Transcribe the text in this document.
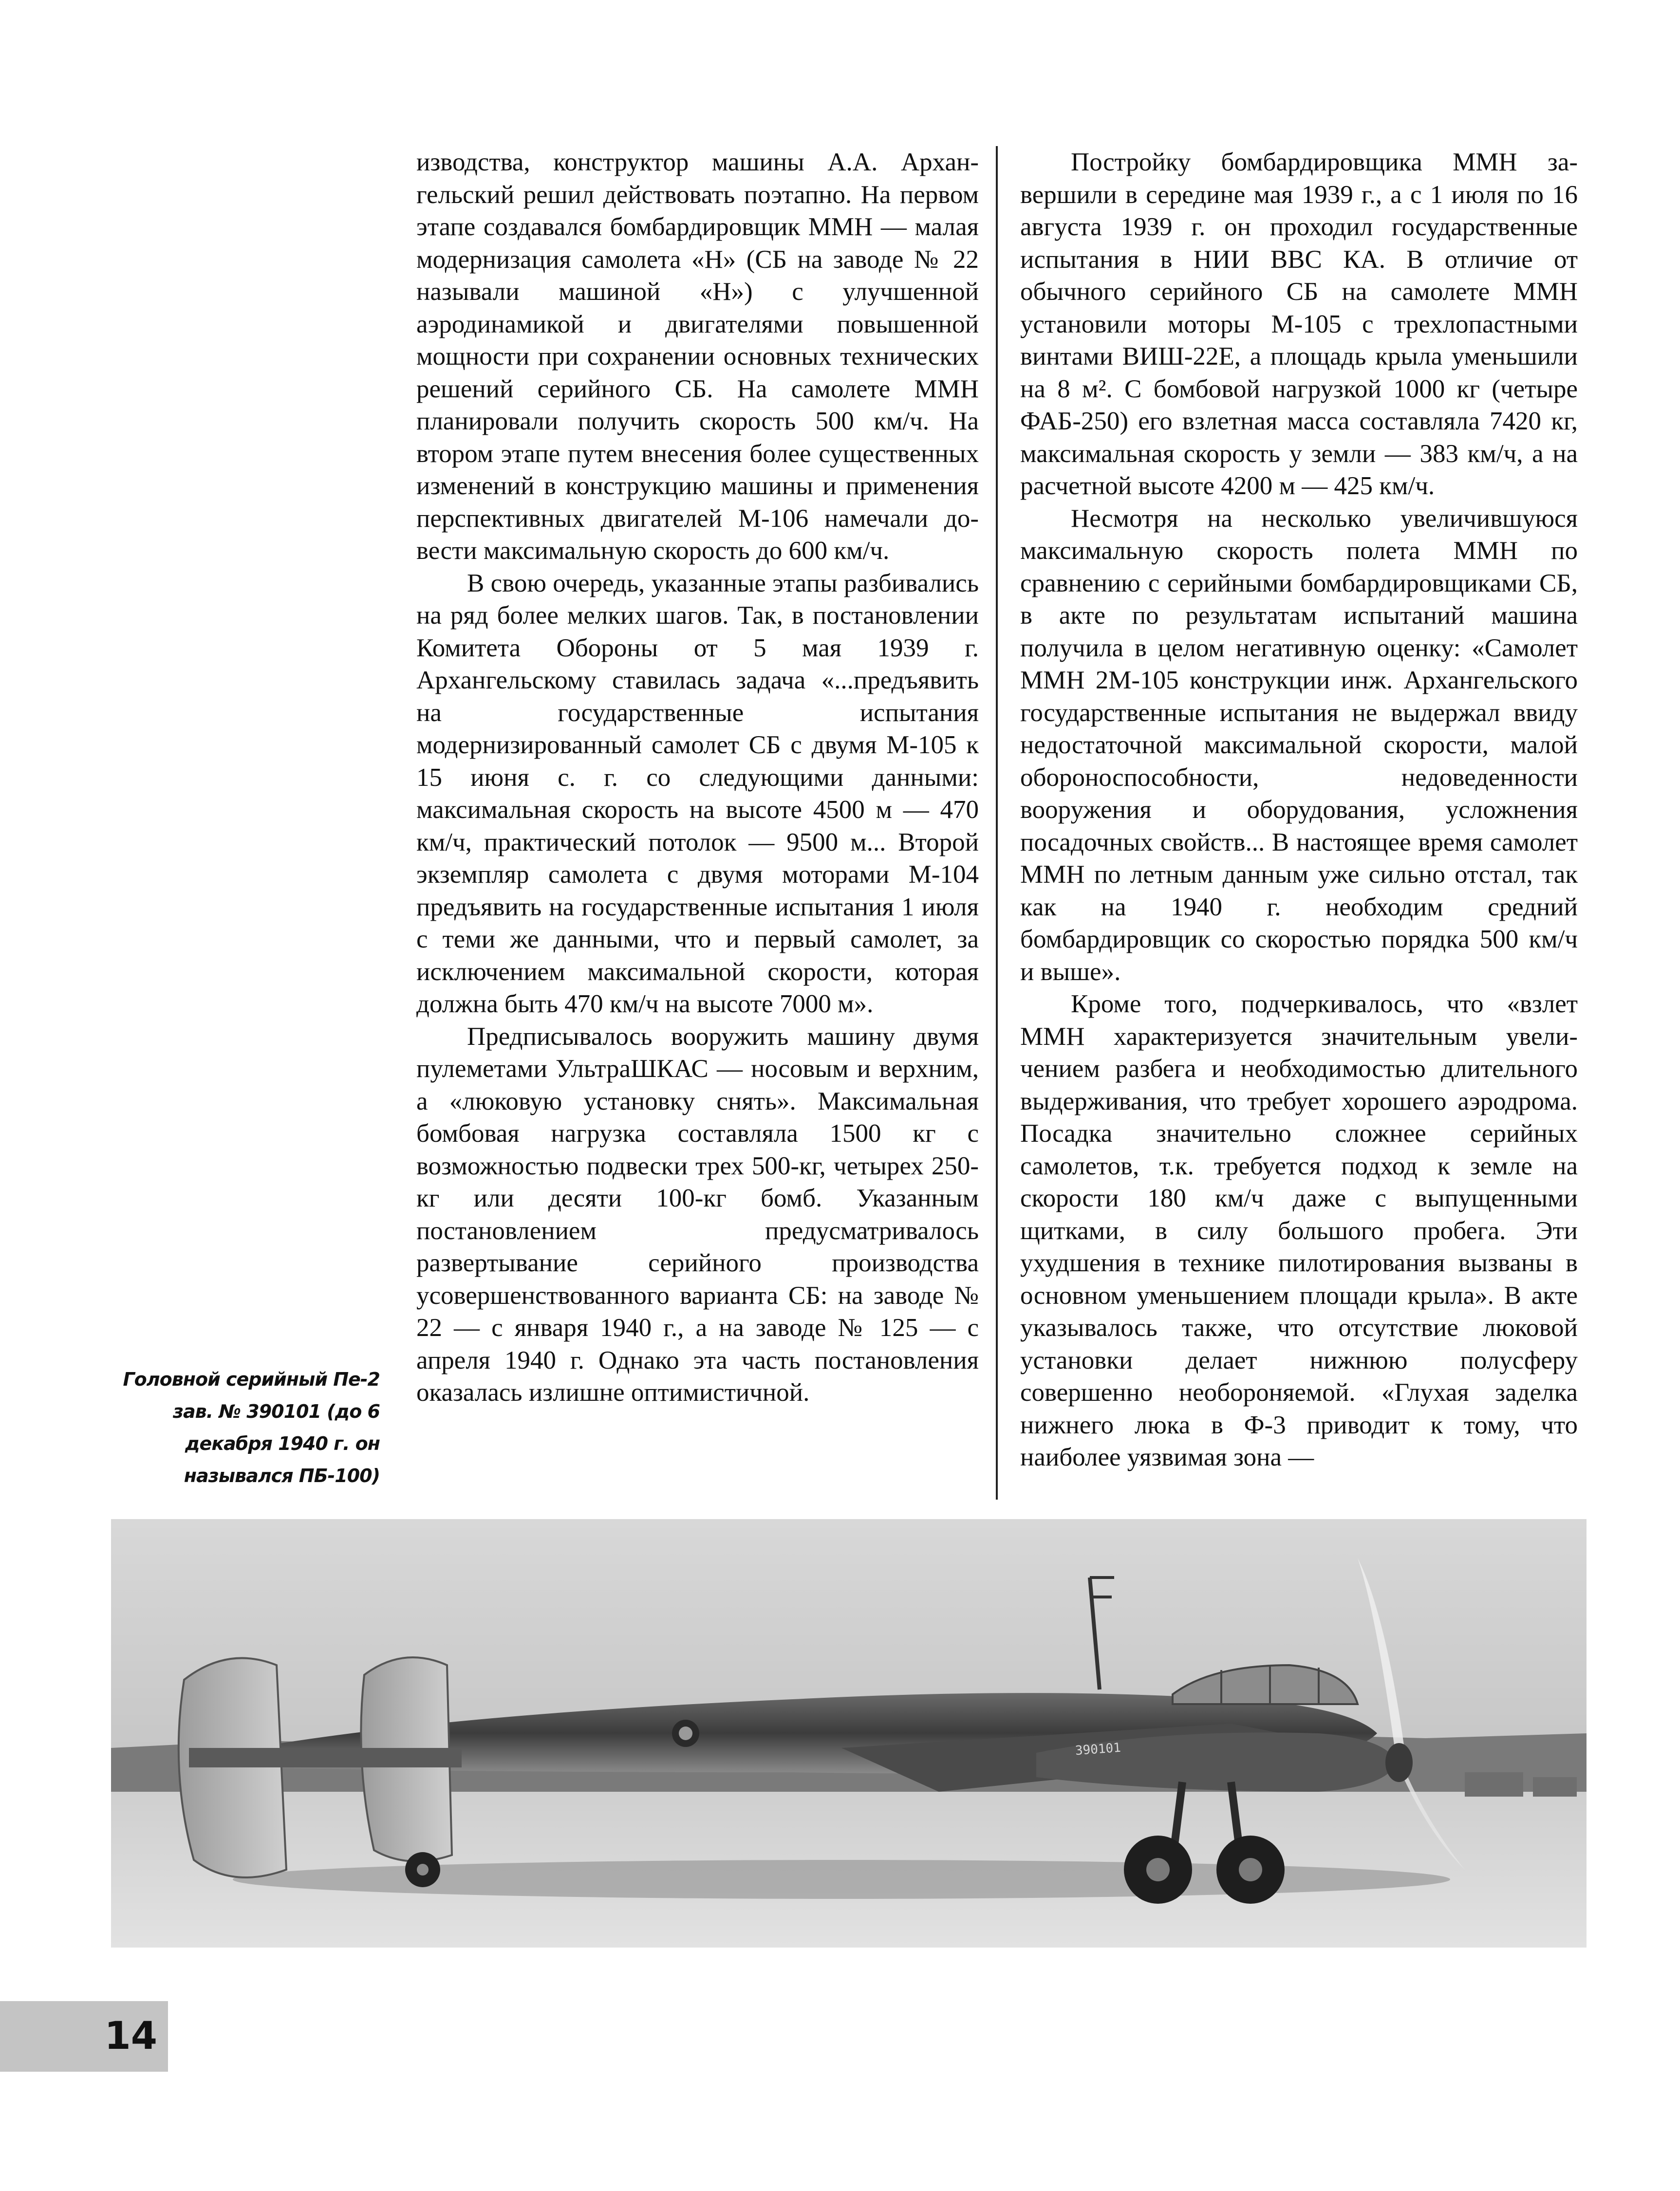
изводства, конструктор машины А.А. Архангельский решил действовать поэтапно. На первом этапе создавался бомбардировщик ММН — малая модернизация самолета «Н» (СБ на заводе № 22 называли машиной «Н») с улучшенной аэродинамикой и двигателями повышенной мощности при сохранении основных технических решений серийного СБ. На самолете ММН планировали получить скорость 500 км/ч. На втором этапе путем внесения более существенных изменений в конструкцию машины и применения перспективных двигателей М-106 намечали довести максимальную скорость до 600 км/ч.

В свою очередь, указанные этапы разбивались на ряд более мелких шагов. Так, в постановлении Комитета Обороны от 5 мая 1939 г. Архангельскому ставилась задача «...предъявить на государственные испытания модернизированный самолет СБ с двумя М-105 к 15 июня с. г. со следующими данными: максимальная скорость на высоте 4500 м — 470 км/ч, практический потолок — 9500 м... Второй экземпляр самолета с двумя моторами М-104 предъявить на государственные испытания 1 июля с теми же данными, что и первый самолет, за исключением максимальной скорости, которая должна быть 470 км/ч на высоте 7000 м».

Предписывалось вооружить машину двумя пулеметами УльтраШКАС — носовым и верхним, а «люковую установку снять». Максимальная бомбовая нагрузка составляла 1500 кг с возможностью подвески трех 500-кг, четырех 250-кг или десяти 100-кг бомб. Указанным постановлением предусматривалось развертывание серийного производства усовершенствованного варианта СБ: на заводе № 22 — с января 1940 г., а на заводе № 125 — с апреля 1940 г. Однако эта часть постановления оказалась излишне оптимистичной.

Постройку бомбардировщика ММН завершили в середине мая 1939 г., а с 1 июля по 16 августа 1939 г. он проходил государственные испытания в НИИ ВВС КА. В отличие от обычного серийного СБ на самолете ММН установили моторы М-105 с трехлопастными винтами ВИШ-22Е, а площадь крыла уменьшили на 8 м². С бомбовой нагрузкой 1000 кг (четыре ФАБ-250) его взлетная масса составляла 7420 кг, максимальная скорость у земли — 383 км/ч, а на расчетной высоте 4200 м — 425 км/ч.

Несмотря на несколько увеличившуюся максимальную скорость полета ММН по сравнению с серийными бомбардировщиками СБ, в акте по результатам испытаний машина получила в целом негативную оценку: «Самолет ММН 2М-105 конструкции инж. Архангельского государственные испытания не выдержал ввиду недостаточной максимальной скорости, малой обороноспособности, недоведенности вооружения и оборудования, усложнения посадочных свойств... В настоящее время самолет ММН по летным данным уже сильно отстал, так как на 1940 г. необходим средний бомбардировщик со скоростью порядка 500 км/ч и выше».

Кроме того, подчеркивалось, что «взлет ММН характеризуется значительным увеличением разбега и необходимостью длительного выдерживания, что требует хорошего аэродрома. Посадка значительно сложнее серийных самолетов, т.к. требуется подход к земле на скорости 180 км/ч даже с выпущенными щитками, в силу большого пробега. Эти ухудшения в технике пилотирования вызваны в основном уменьшением площади крыла». В акте указывалось также, что отсутствие люковой установки делает нижнюю полусферу совершенно необороняемой. «Глухая заделка нижнего люка в Ф-3 приводит к тому, что наиболее уязвимая зона —

Головной серийный Пе-2 зав. № 390101 (до 6 декабря 1940 г. он назывался ПБ-100)
390101
14
